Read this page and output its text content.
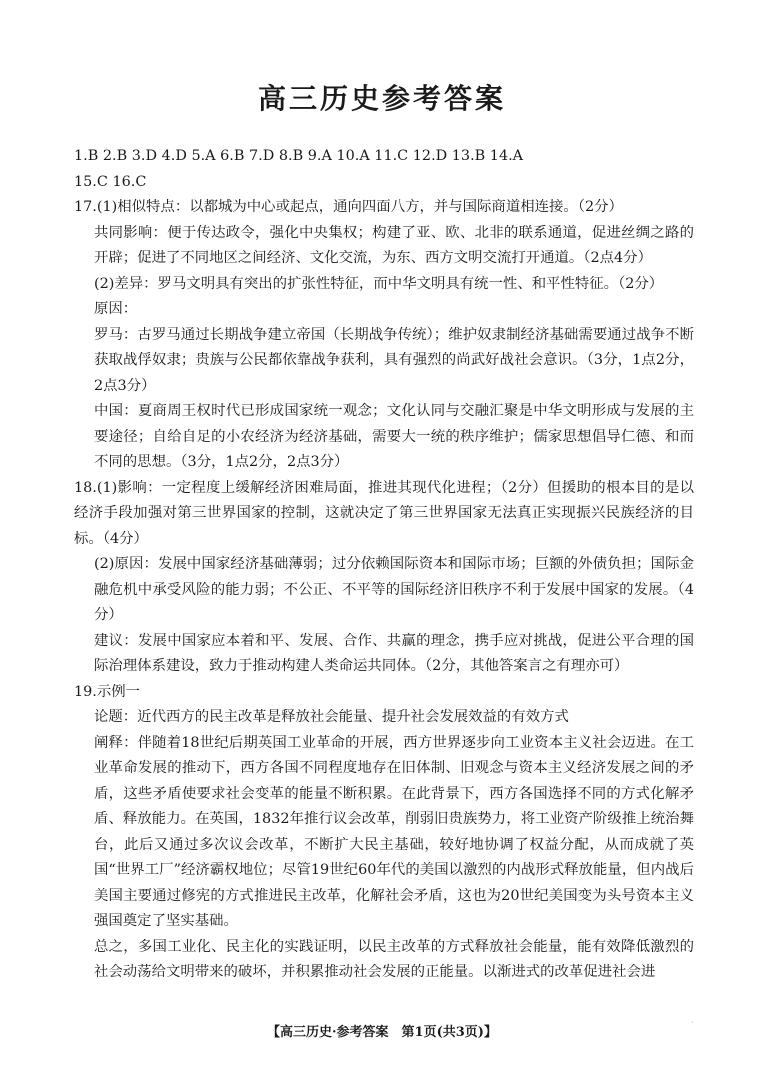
高三历史参考答案

1.B 2.B 3.D 4.D 5.A 6.B 7.D 8.B 9.A 10.A 11.C 12.D 13.B 14.A

15.C 16.C

17.(1)相似特点：以都城为中心或起点，通向四面八方，并与国际商道相连接。（2分）

共同影响：便于传达政令，强化中央集权；构建了亚、欧、北非的联系通道，促进丝绸之路的开辟；促进了不同地区之间经济、文化交流，为东、西方文明交流打开通道。（2点4分）

(2)差异：罗马文明具有突出的扩张性特征，而中华文明具有统一性、和平性特征。（2分）

原因：

罗马：古罗马通过长期战争建立帝国（长期战争传统）；维护奴隶制经济基础需要通过战争不断获取战俘奴隶；贵族与公民都依靠战争获利，具有强烈的尚武好战社会意识。（3分，1点2分，2点3分）

中国：夏商周王权时代已形成国家统一观念；文化认同与交融汇聚是中华文明形成与发展的主要途径；自给自足的小农经济为经济基础，需要大一统的秩序维护；儒家思想倡导仁德、和而不同的思想。（3分，1点2分，2点3分）

18.(1)影响：一定程度上缓解经济困难局面，推进其现代化进程；（2分）但援助的根本目的是以经济手段加强对第三世界国家的控制，这就决定了第三世界国家无法真正实现振兴民族经济的目标。（4分）

(2)原因：发展中国家经济基础薄弱；过分依赖国际资本和国际市场；巨额的外债负担；国际金融危机中承受风险的能力弱；不公正、不平等的国际经济旧秩序不利于发展中国家的发展。（4分）

建议：发展中国家应本着和平、发展、合作、共赢的理念，携手应对挑战，促进公平合理的国际治理体系建设，致力于推动构建人类命运共同体。（2分，其他答案言之有理亦可）

19.示例一

论题：近代西方的民主改革是释放社会能量、提升社会发展效益的有效方式

阐释：伴随着18世纪后期英国工业革命的开展，西方世界逐步向工业资本主义社会迈进。在工业革命发展的推动下，西方各国不同程度地存在旧体制、旧观念与资本主义经济发展之间的矛盾，这些矛盾使要求社会变革的能量不断积累。在此背景下，西方各国选择不同的方式化解矛盾、释放能力。在英国，1832年推行议会改革，削弱旧贵族势力，将工业资产阶级推上统治舞台，此后又通过多次议会改革，不断扩大民主基础，较好地协调了权益分配，从而成就了英国“世界工厂”经济霸权地位；尽管19世纪60年代的美国以激烈的内战形式释放能量，但内战后美国主要通过修宪的方式推进民主改革，化解社会矛盾，这也为20世纪美国变为头号资本主义强国奠定了坚实基础。

总之，多国工业化、民主化的实践证明，以民主改革的方式释放社会能量，能有效降低激烈的社会动荡给文明带来的破坏，并积累推动社会发展的正能量。以渐进式的改革促进社会进

·
【高三历史·参考答案　第1页(共3页)】
